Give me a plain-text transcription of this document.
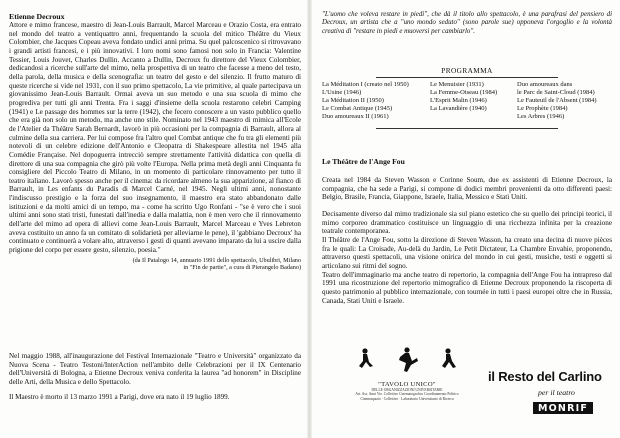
Etienne Decroux

Attore e mimo francese, maestro di Jean-Louis Barrault, Marcel Marceau e Orazio Costa, era entrato nel mondo del teatro a ventiquattro anni, frequentando la scuola del mitico Théâtre du Vieux Colombier, che Jacques Copeau aveva fondato undici anni prima. Su quel palcoscenico si ritrovavano i grandi artisti francesi, e i più innovativi. I loro nomi sono famosi non solo in Francia: Valentine Tessier, Louis Jouvet, Charles Dullin. Accanto a Dullin, Decroux fu direttore del Vieux Colombier, dedicandosi a ricerche sull'arte del mimo, nella prospettiva di un teatro che facesse a meno del testo, della parola, della musica e della scenografia: un teatro del gesto e del silenzio. Il frutto maturo di queste ricerche si vide nel 1931, con il suo primo spettacolo, La vie primitive, al quale partecipava un giovanissimo Jean-Louis Barrault. Ormai aveva un suo metodo e una sua scuola di mimo che progrediva per tutti gli anni Trenta. Fra i saggi d'insieme della scuola restarono celebri Camping (1941) e Le passage des hommes sur la terre (1942), che fecero conoscere a un vasto pubblico quello che era già non solo un metodo, ma anche uno stile. Nominato nel 1943 maestro di mimica all'Ecole de l'Atelier da Théâtre Sarah Bernardt, lavorò in più occasioni per la compagnia di Barrault, allora al culmine della sua carriera. Per lui compose fra l'altro quel Combat antique che fu tra gli elementi più notevoli di un celebre edizione dell'Antonio e Cleopatra di Shakespeare allestita nel 1945 alla Comédie Française. Nel dopoguerra intrecciò sempre strettamente l'attività didattica con quella di direttore di una sua compagnia che girò più volte l'Europa. Nella prima metà degli anni Cinquanta fu consigliere del Piccolo Teatro di Milano, in un momento di particolare rinnovamento per tutto il teatro italiano. Lavorò spesso anche per il cinema: da ricordare almeno la sua apparizione, al fianco di Barrault, in Les enfants du Paradis di Marcel Carné, nel 1945. Negli ultimi anni, nonostante l'indiscusso prestigio e la forza del suo insegnamento, il maestro era stato abbandonato dalle istituzioni e da molti amici di un tempo, ma - come ha scritto Ugo Ronfani - "se è vero che i suoi ultimi anni sono stati tristi, funestati dall'inedia e dalla malattia, non è men vero che il rinnovamento dell'arte del mimo ad opera di allievi come Jean-Louis Barrault, Marcel Marceau e Yves Lebreton aveva costituito un anno fa un comitato di solidarietà per alleviarne le pene), il 'gabbiano Decroux' ha continuato e continuerà a volare alto, attraverso i gesti di quanti avevano imparato da lui a uscire dalla prigione del corpo per essere gesto, silenzio, poesia."

(da Il Patalogo 14, annuario 1991 dello spettacolo, Ubulibri, Milano

in "Fin de partie", a cura di Pierangelo Badano)

Nel maggio 1988, all'inaugurazione del Festival Internazionale "Teatro e Università" organizzato da Nuova Scena - Teatro Testoni/InterAction nell'ambito delle Celebrazioni per il IX Centenario dell'Università di Bologna, a Etienne Decroux veniva conferita la laurea "ad honorem" in Discipline delle Arti, della Musica e dello Spettacolo.

Il Maestro è morto il 13 marzo 1991 a Parigi, dove era nato il 19 luglio 1899.

"L'uomo che voleva restare in piedi", che dà il titolo allo spettacolo, è una parafrasi del pensiero di Decroux, un artista che a "uno mondo seduto" (sono parole sue) opponeva l'orgoglio e la volontà creativa di "restare in piedi e muoversi per cambiarlo".

PROGRAMMA
La Méditation I (creato nel 1950)
L'Usine (1946)
La Méditation II (1950)
Le Combat Antique (1945)
Duo amoureaux II (1961)
Le Menuisier (1931)
La Femme-Oiseau (1984)
L'Esprit Malin (1946)
La Lavandière (1940)
Duo amoureaux dans
le Parc de Saint-Cloud (1984)
Le Fauteuil de l'Absent (1984)
Le Prophète (1984)
Les Arbres (1946)

Le Théâtre de l'Ange Fou

Creata nel 1984 da Steven Wasson e Corinne Soum, due ex assistenti di Etienne Decroux, la compagnia, che ha sede a Parigi, si compone di dodici membri provenienti da otto differenti paesi: Belgio, Brasile, Francia, Giappone, Israele, Italia, Messico e Stati Uniti.

Decisamente diverso dal mimo tradizionale sia sul piano estetico che su quello dei principi teorici, il mimo corporeo drammatico costituisce un linguaggio di una ricchezza infinita per la creazione teatrale contemporanea.

Il Théâtre de l'Ange Fou, sotto la direzione di Steven Wasson, ha creato una decina di nuove pièces fra le quali: La Croisade, Au-delà du Jardin, Le Petit Dictateur, La Chambre Envahie, proponendo, attraverso questi spettacoli, una visione onirica del mondo in cui gesti, musiche, testi e oggetti si articolano sui ritmi del sogno.

Teatro dell'immaginario ma anche teatro di repertorio, la compagnia dell'Ange Fou ha intrapreso dal 1991 una ricostruzione del repertorio mimografico di Etienne Decroux proponendo la riscoperta di questo patrimonio al pubblico internazionale, con tournée in tutti i paesi europei oltre che in Russia, Canada, Stati Uniti e Israele.

"TAVOLO UNICO"
DELLE ORGANIZZAZIONI UNIVERSITARIE
Art. Ass. Anni Vio. Collettivo Cinematografico Coordinamento Politico
Cinemaspazio · Collettivo · Laboratorio Universitario di Ricerca
il Resto del Carlino
per il teatro
MONRIF
